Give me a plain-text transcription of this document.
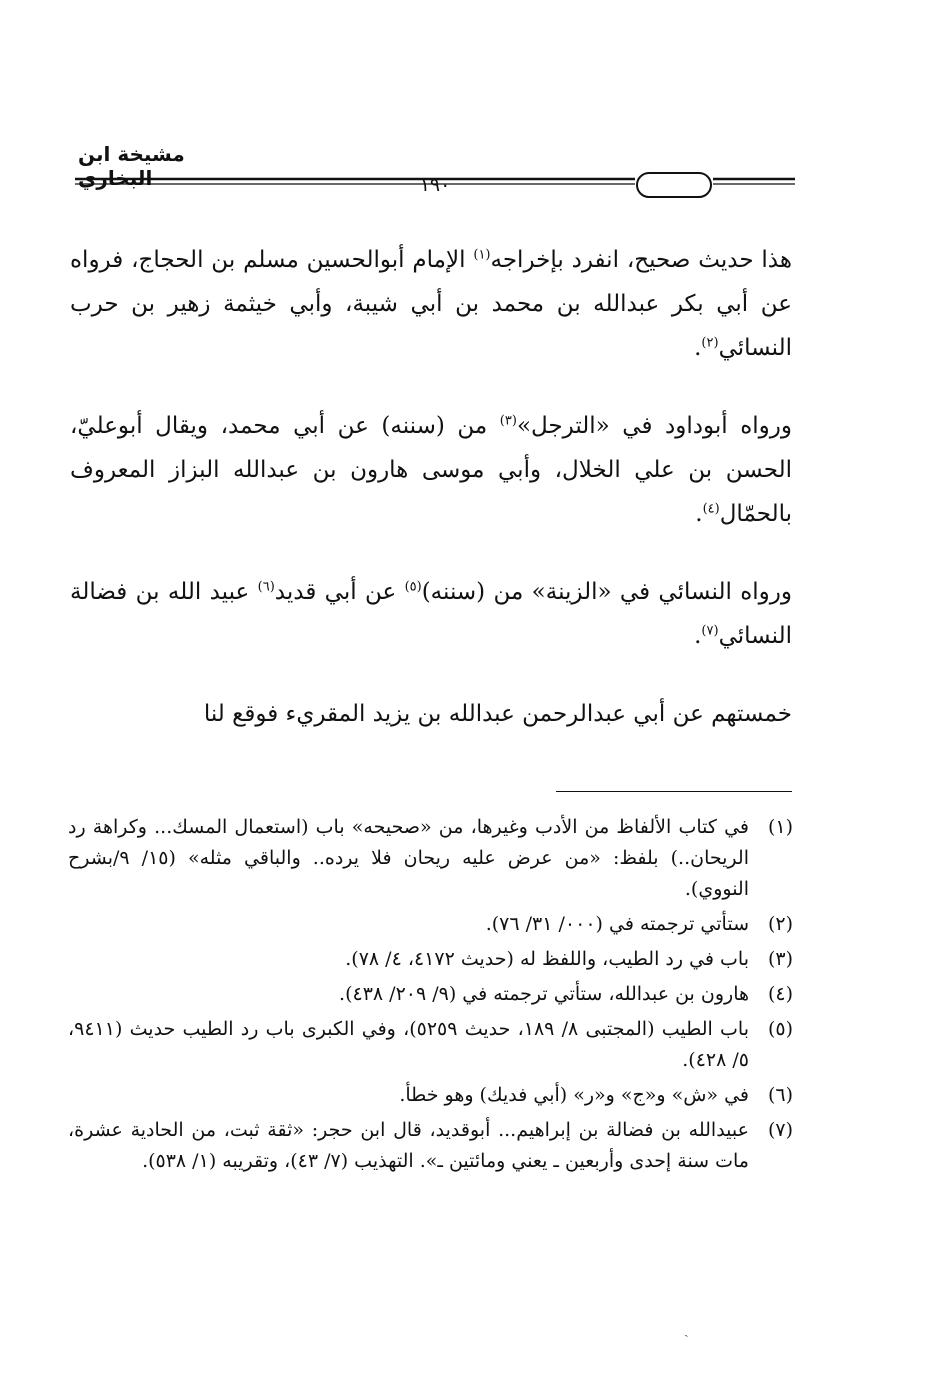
مشيخة ابن البخاري	١٩٠

هذا حديث صحيح، انفرد بإخراجه$^{(١)}$ الإمام أبوالحسين مسلم بن الحجاج، فرواه عن أبي بكر عبدالله بن محمد بن أبي شيبة، وأبي خيثمة زهير بن حرب النسائي$^{(٢)}$.

ورواه أبوداود في «الترجل»$^{(٣)}$ من (سننه) عن أبي محمد، ويقال أبوعليّ، الحسن بن علي الخلال، وأبي موسى هارون بن عبدالله البزاز المعروف بالحمّال$^{(٤)}$.

ورواه النسائي في «الزينة» من (سننه)$^{(٥)}$ عن أبي قديد$^{(٦)}$ عبيد الله بن فضالة النسائي$^{(٧)}$.

خمستهم عن أبي عبدالرحمن عبدالله بن يزيد المقريء فوقع لنا

(١)
في كتاب الألفاظ من الأدب وغيرها، من «صحيحه» باب (استعمال المسك... وكراهة رد الريحان..) بلفظ: «من عرض عليه ريحان فلا يرده.. والباقي مثله» (١٥/ ٩/بشرح النووي).
(٢)
ستأتي ترجمته في (٠٠٠/ ٣١/ ٧٦).
(٣)
باب في رد الطيب، واللفظ له (حديث ٤١٧٢، ٤/ ٧٨).
(٤)
هارون بن عبدالله، ستأتي ترجمته في (٩/ ٢٠٩/ ٤٣٨).
(٥)
باب الطيب (المجتبى ٨/ ١٨٩، حديث ٥٢٥٩)، وفي الكبرى باب رد الطيب حديث (٩٤١١، ٥/ ٤٢٨).
(٦)
في «ش» و«ج» و«ر» (أبي فديك) وهو خطأ.
(٧)
عبيدالله بن فضالة بن إبراهيم... أبوقديد، قال ابن حجر: «ثقة ثبت، من الحادية عشرة، مات سنة إحدى وأربعين ـ يعني ومائتين ـ». التهذيب (٧/ ٤٣)، وتقريبه (١/ ٥٣٨).
ˏ
